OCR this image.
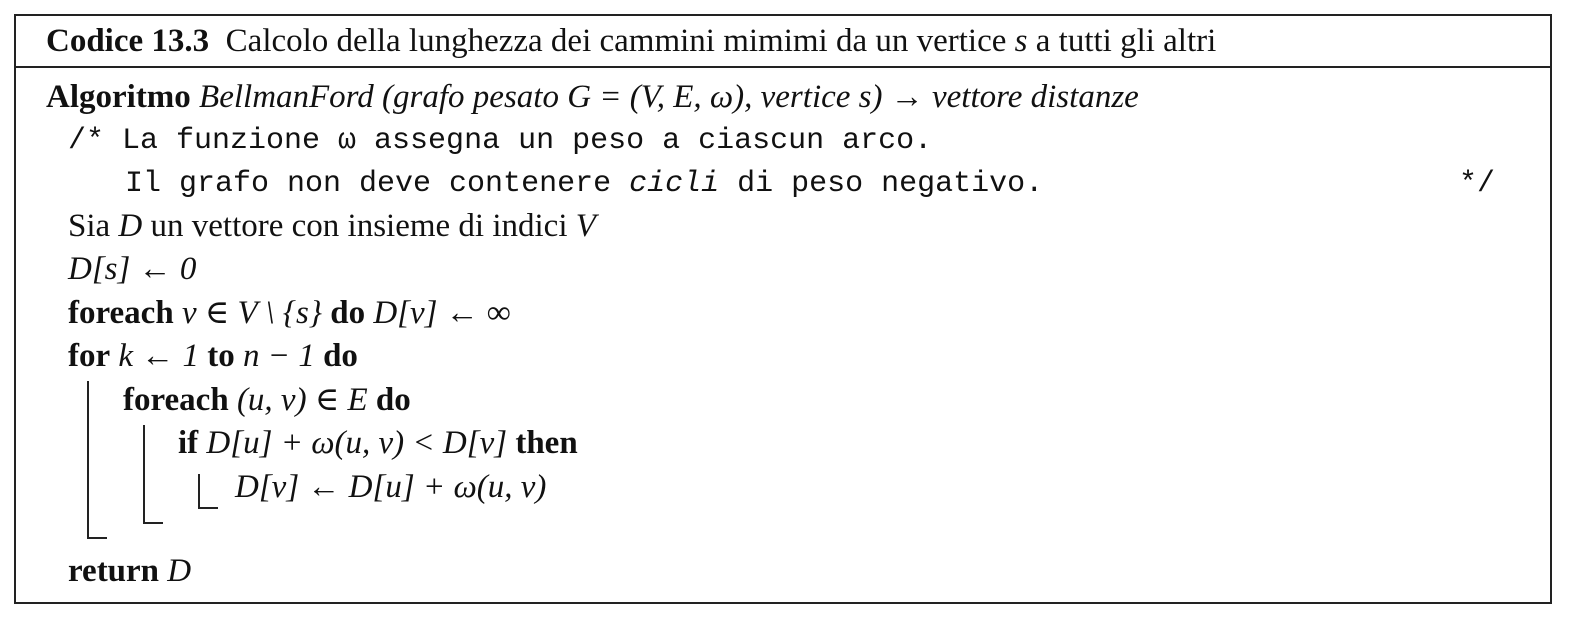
Codice 13.3 Calcolo della lunghezza dei cammini mimimi da un vertice s a tutti gli altri
Algoritmo BellmanFord (grafo pesato G = (V, E, ω), vertice s) → vettore distanze
/* La funzione ω assegna un peso a ciascun arco.
Il grafo non deve contenere cicli di peso negativo.	*/
Sia D un vettore con insieme di indici V
D[s] ← 0
foreach v ∈ V \ {s} do D[v] ← ∞
for k ← 1 to n − 1 do
foreach (u, v) ∈ E do
if D[u] + ω(u, v) < D[v] then
D[v] ← D[u] + ω(u, v)
return D
